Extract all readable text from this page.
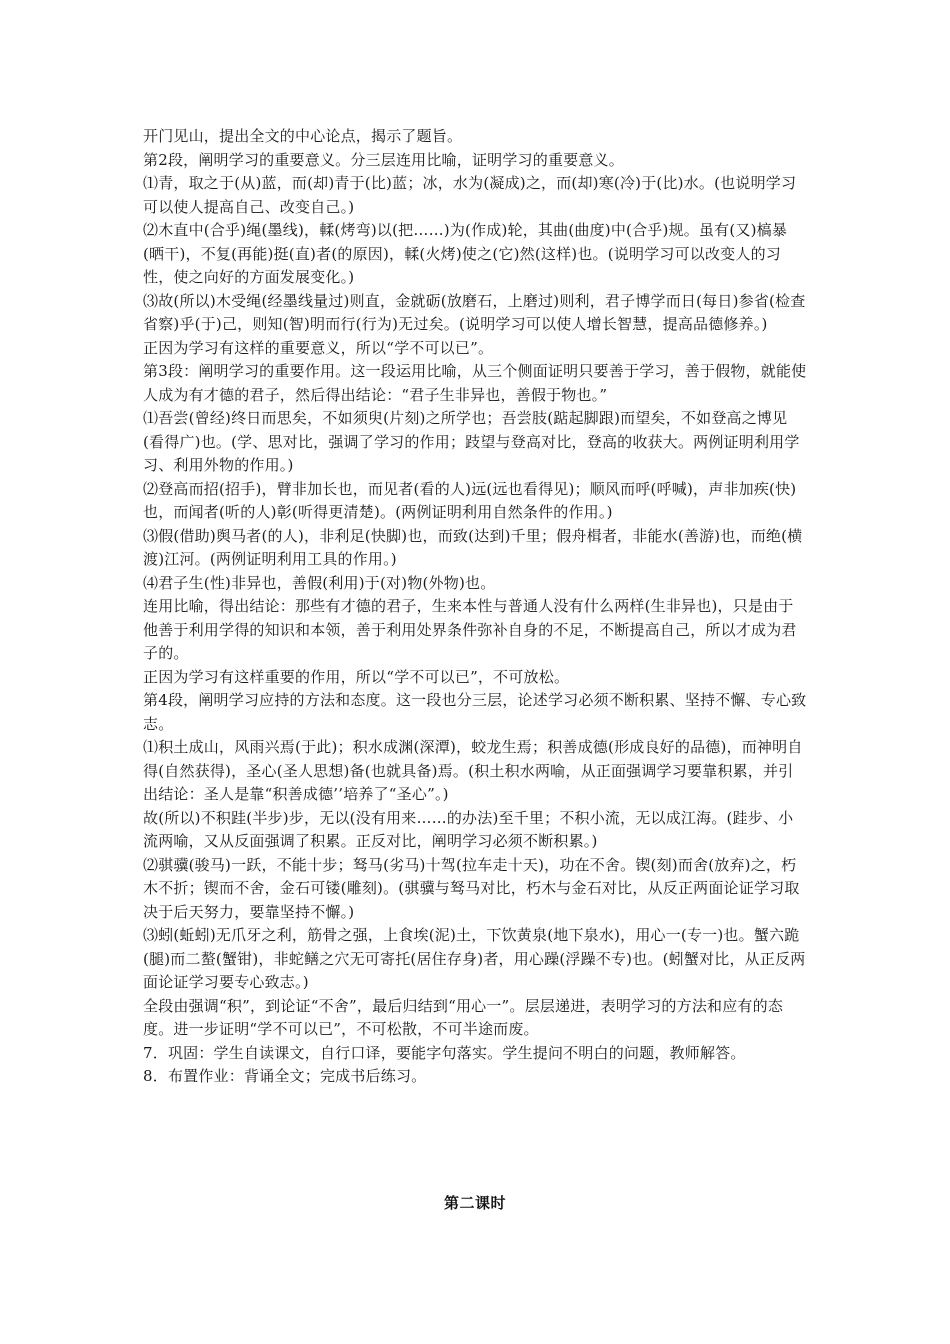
开门见山，提出全文的中心论点，揭示了题旨。

第2段，阐明学习的重要意义。分三层连用比喻，证明学习的重要意义。

⑴青，取之于(从)蓝，而(却)青于(比)蓝；冰，水为(凝成)之，而(却)寒(冷)于(比)水。(也说明学习可以使人提高自己、改变自己。)

⑵木直中(合乎)绳(墨线)，輮(烤弯)以(把……)为(作成)轮，其曲(曲度)中(合乎)规。虽有(又)槁暴(晒干)，不复(再能)挺(直)者(的原因)，輮(火烤)使之(它)然(这样)也。(说明学习可以改变人的习性，使之向好的方面发展变化。)

⑶故(所以)木受绳(经墨线量过)则直，金就砺(放磨石，上磨过)则利，君子博学而日(每日)参省(检查省察)乎(于)己，则知(智)明而行(行为)无过矣。(说明学习可以使人增长智慧，提高品德修养。)

正因为学习有这样的重要意义，所以“学不可以已”。

第3段：阐明学习的重要作用。这一段运用比喻，从三个侧面证明只要善于学习，善于假物，就能使人成为有才德的君子，然后得出结论：“君子生非异也，善假于物也。”

⑴吾尝(曾经)终日而思矣，不如须臾(片刻)之所学也；吾尝肢(踮起脚跟)而望矣，不如登高之博见(看得广)也。(学、思对比，强调了学习的作用；跂望与登高对比，登高的收获大。两例证明利用学习、利用外物的作用。)

⑵登高而招(招手)，臂非加长也，而见者(看的人)远(远也看得见)；顺风而呼(呼喊)，声非加疾(快)也，而闻者(听的人)彰(听得更清楚)。(两例证明利用自然条件的作用。)

⑶假(借助)舆马者(的人)，非利足(快脚)也，而致(达到)千里；假舟楫者，非能水(善游)也，而绝(横渡)江河。(两例证明利用工具的作用。)

⑷君子生(性)非异也，善假(利用)于(对)物(外物)也。

连用比喻，得出结论：那些有才德的君子，生来本性与普通人没有什么两样(生非异也)，只是由于他善于利用学得的知识和本领，善于利用处界条件弥补自身的不足，不断提高自己，所以才成为君子的。

正因为学习有这样重要的作用，所以“学不可以已”，不可放松。

第4段，阐明学习应持的方法和态度。这一段也分三层，论述学习必须不断积累、坚持不懈、专心致志。

⑴积土成山，风雨兴焉(于此)；积水成渊(深潭)，蛟龙生焉；积善成德(形成良好的品德)，而神明自得(自然获得)，圣心(圣人思想)备(也就具备)焉。(积土积水两喻，从正面强调学习要靠积累，并引出结论：圣人是靠“积善成德’’培养了“圣心”。)

故(所以)不积跬(半步)步，无以(没有用来……的办法)至千里；不积小流，无以成江海。(跬步、小流两喻，又从反面强调了积累。正反对比，阐明学习必须不断积累。)

⑵骐骥(骏马)一跃，不能十步；驽马(劣马)十驾(拉车走十天)，功在不舍。锲(刻)而舍(放弃)之，朽木不折；锲而不舍，金石可镂(雕刻)。(骐骥与驽马对比，朽木与金石对比，从反正两面论证学习取决于后天努力，要靠坚持不懈。)

⑶蚓(蚯蚓)无爪牙之利，筋骨之强，上食埃(泥)土，下饮黄泉(地下泉水)，用心一(专一)也。蟹六跪(腿)而二螯(蟹钳)，非蛇鳝之穴无可寄托(居住存身)者，用心躁(浮躁不专)也。(蚓蟹对比，从正反两面论证学习要专心致志。)

全段由强调“积”，到论证“不舍”，最后归结到“用心一”。层层递进，表明学习的方法和应有的态度。进一步证明“学不可以已”，不可松散，不可半途而废。

7．巩固：学生自读课文，自行口译，要能字句落实。学生提问不明白的问题，教师解答。

8．布置作业：背诵全文；完成书后练习。

第二课时
